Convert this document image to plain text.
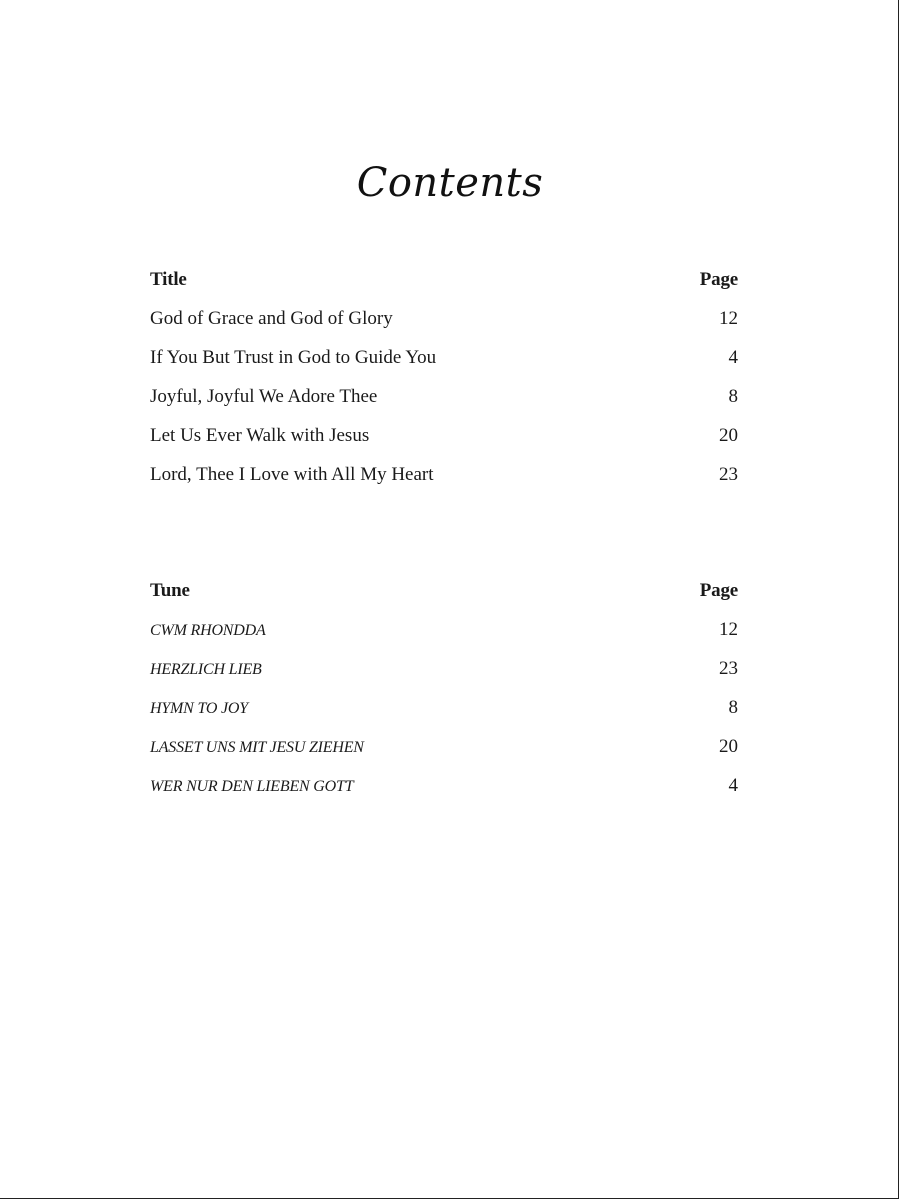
Contents
Title	Page
God of Grace and God of Glory	12
If You But Trust in God to Guide You	4
Joyful, Joyful We Adore Thee	8
Let Us Ever Walk with Jesus	20
Lord, Thee I Love with All My Heart	23
Tune	Page
CWM RHONDDA	12
HERZLICH LIEB	23
HYMN TO JOY	8
LASSET UNS MIT JESU ZIEHEN	20
WER NUR DEN LIEBEN GOTT	4
